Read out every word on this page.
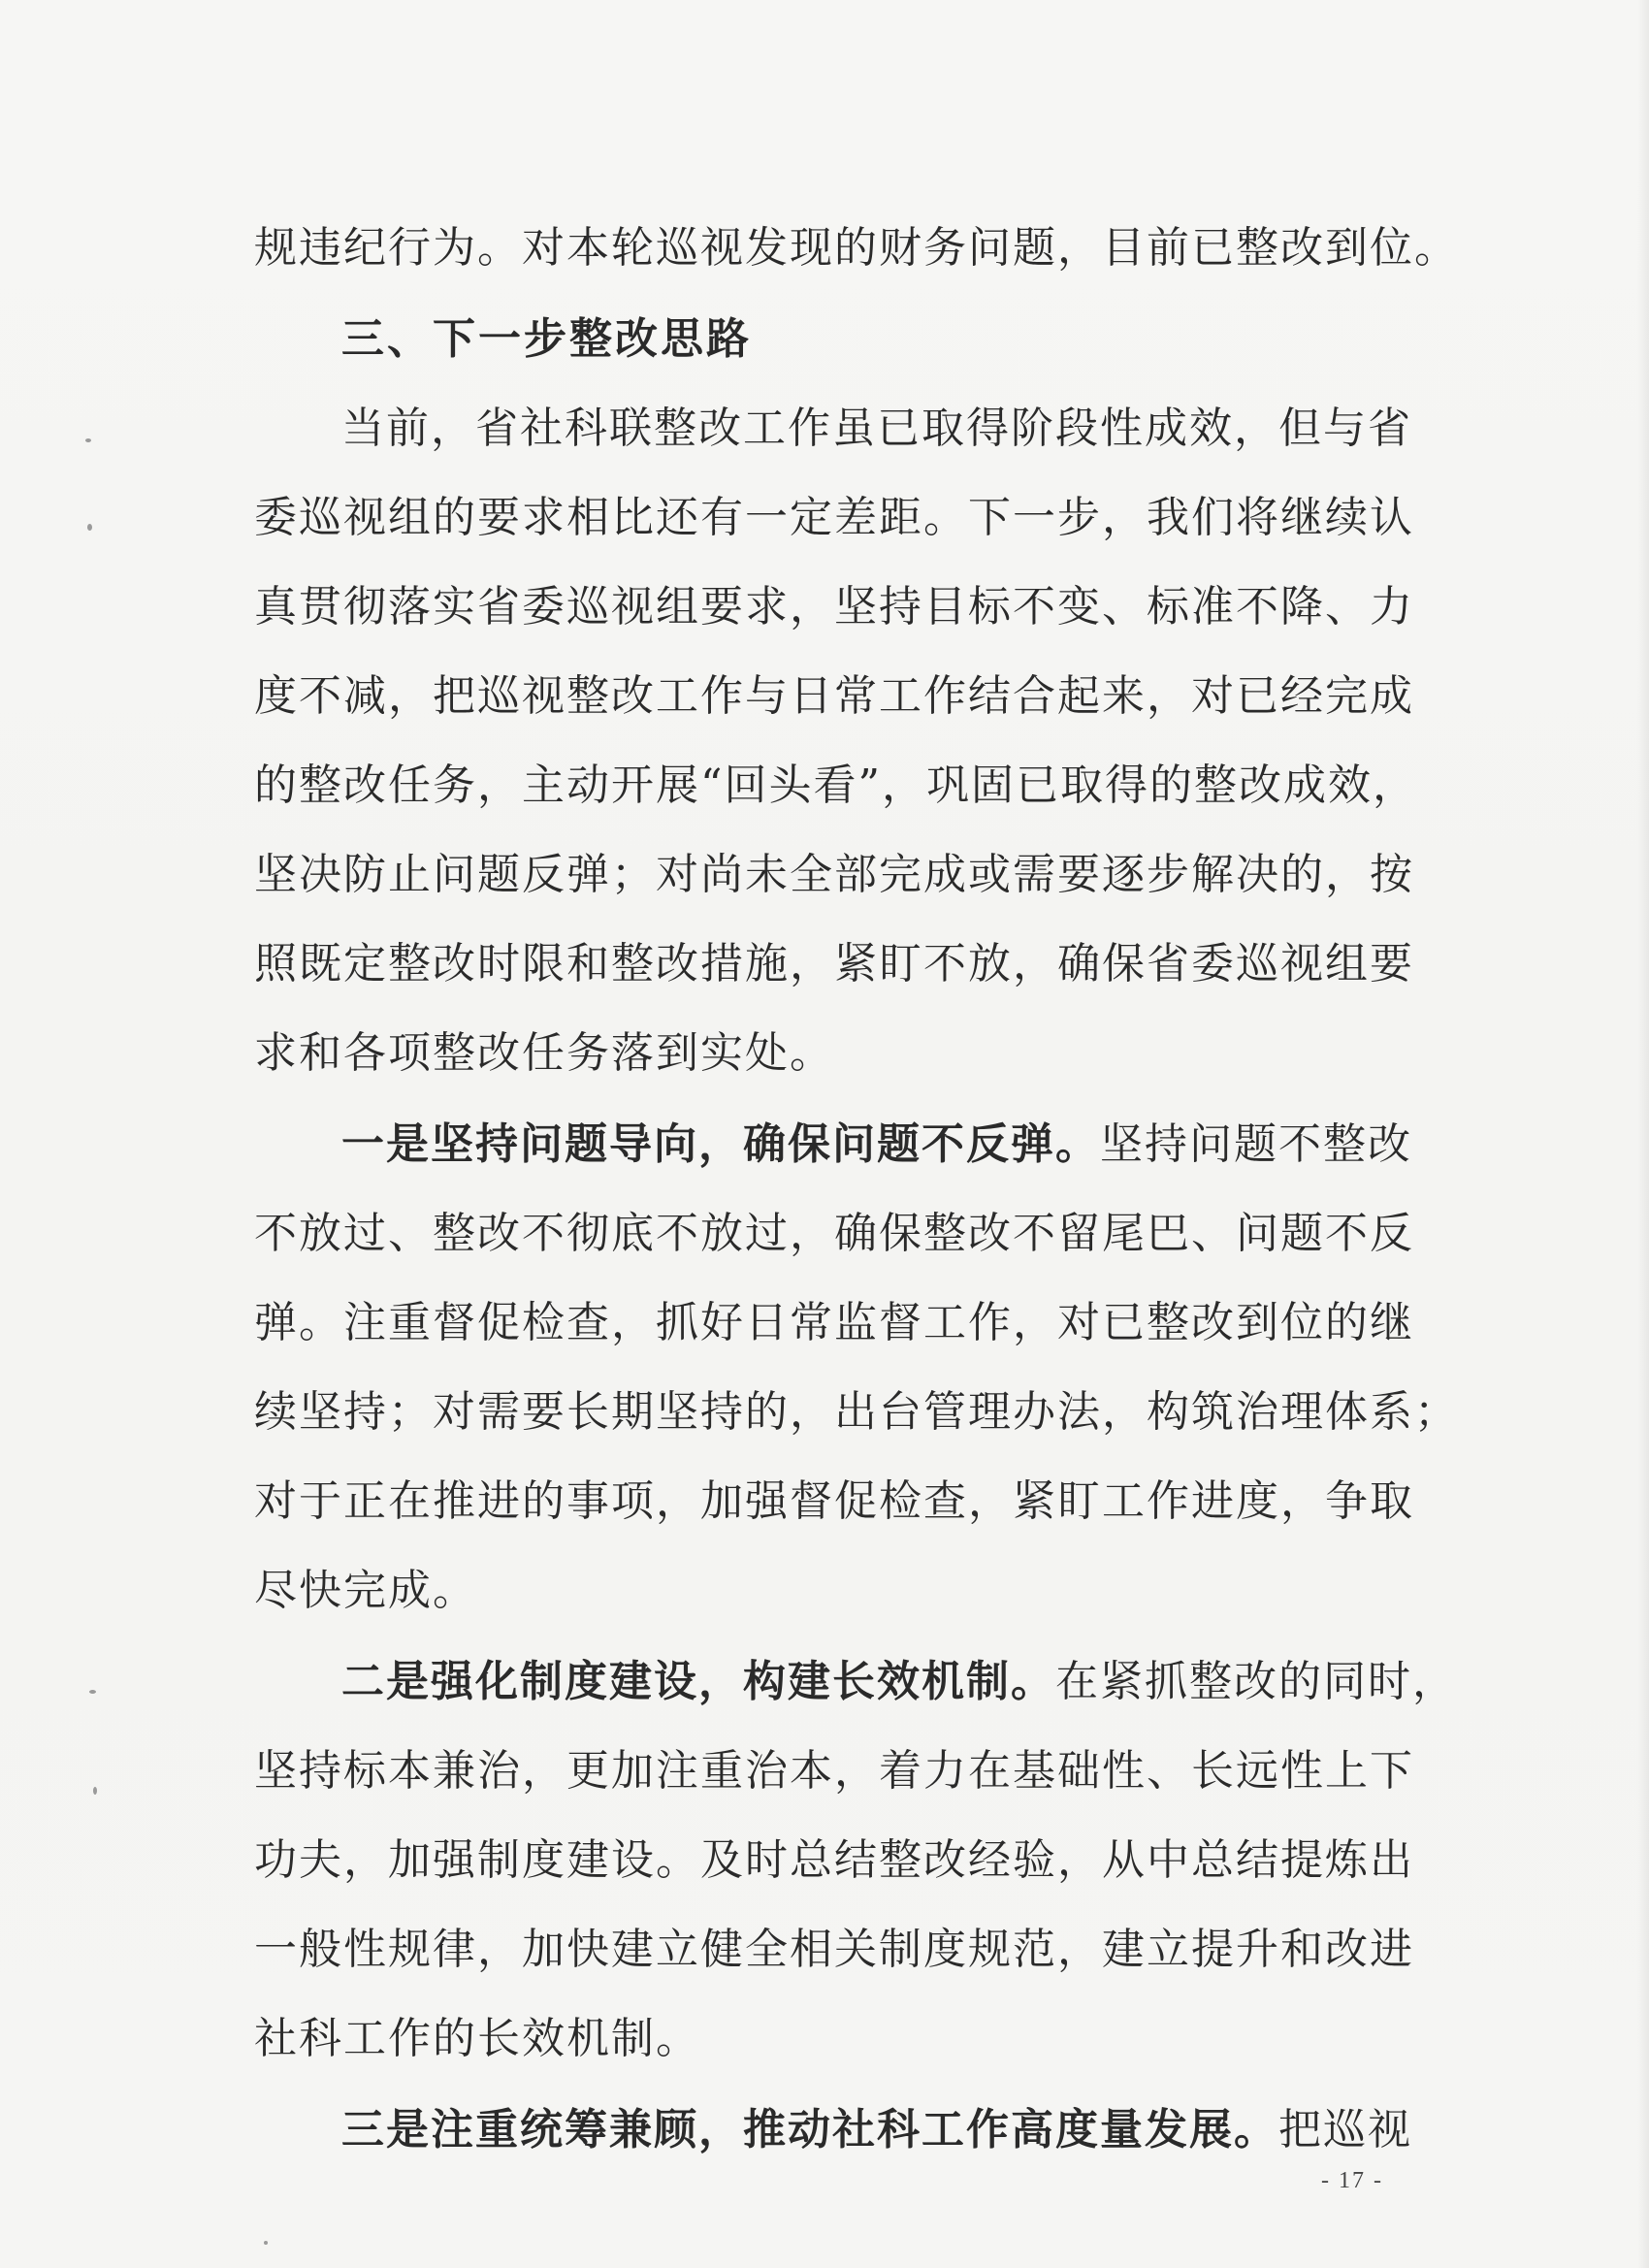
规违纪行为。对本轮巡视发现的财务问题，目前已整改到位。
三、下一步整改思路
当前，省社科联整改工作虽已取得阶段性成效，但与省
委巡视组的要求相比还有一定差距。下一步，我们将继续认
真贯彻落实省委巡视组要求，坚持目标不变、标准不降、力
度不减，把巡视整改工作与日常工作结合起来，对已经完成
的整改任务，主动开展“回头看”，巩固已取得的整改成效，
坚决防止问题反弹；对尚未全部完成或需要逐步解决的，按
照既定整改时限和整改措施，紧盯不放，确保省委巡视组要
求和各项整改任务落到实处。
一是坚持问题导向，确保问题不反弹。坚持问题不整改
不放过、整改不彻底不放过，确保整改不留尾巴、问题不反
弹。注重督促检查，抓好日常监督工作，对已整改到位的继
续坚持；对需要长期坚持的，出台管理办法，构筑治理体系；
对于正在推进的事项，加强督促检查，紧盯工作进度，争取
尽快完成。
二是强化制度建设，构建长效机制。在紧抓整改的同时，
坚持标本兼治，更加注重治本，着力在基础性、长远性上下
功夫，加强制度建设。及时总结整改经验，从中总结提炼出
一般性规律，加快建立健全相关制度规范，建立提升和改进
社科工作的长效机制。
三是注重统筹兼顾，推动社科工作高度量发展。把巡视
- 17 -
